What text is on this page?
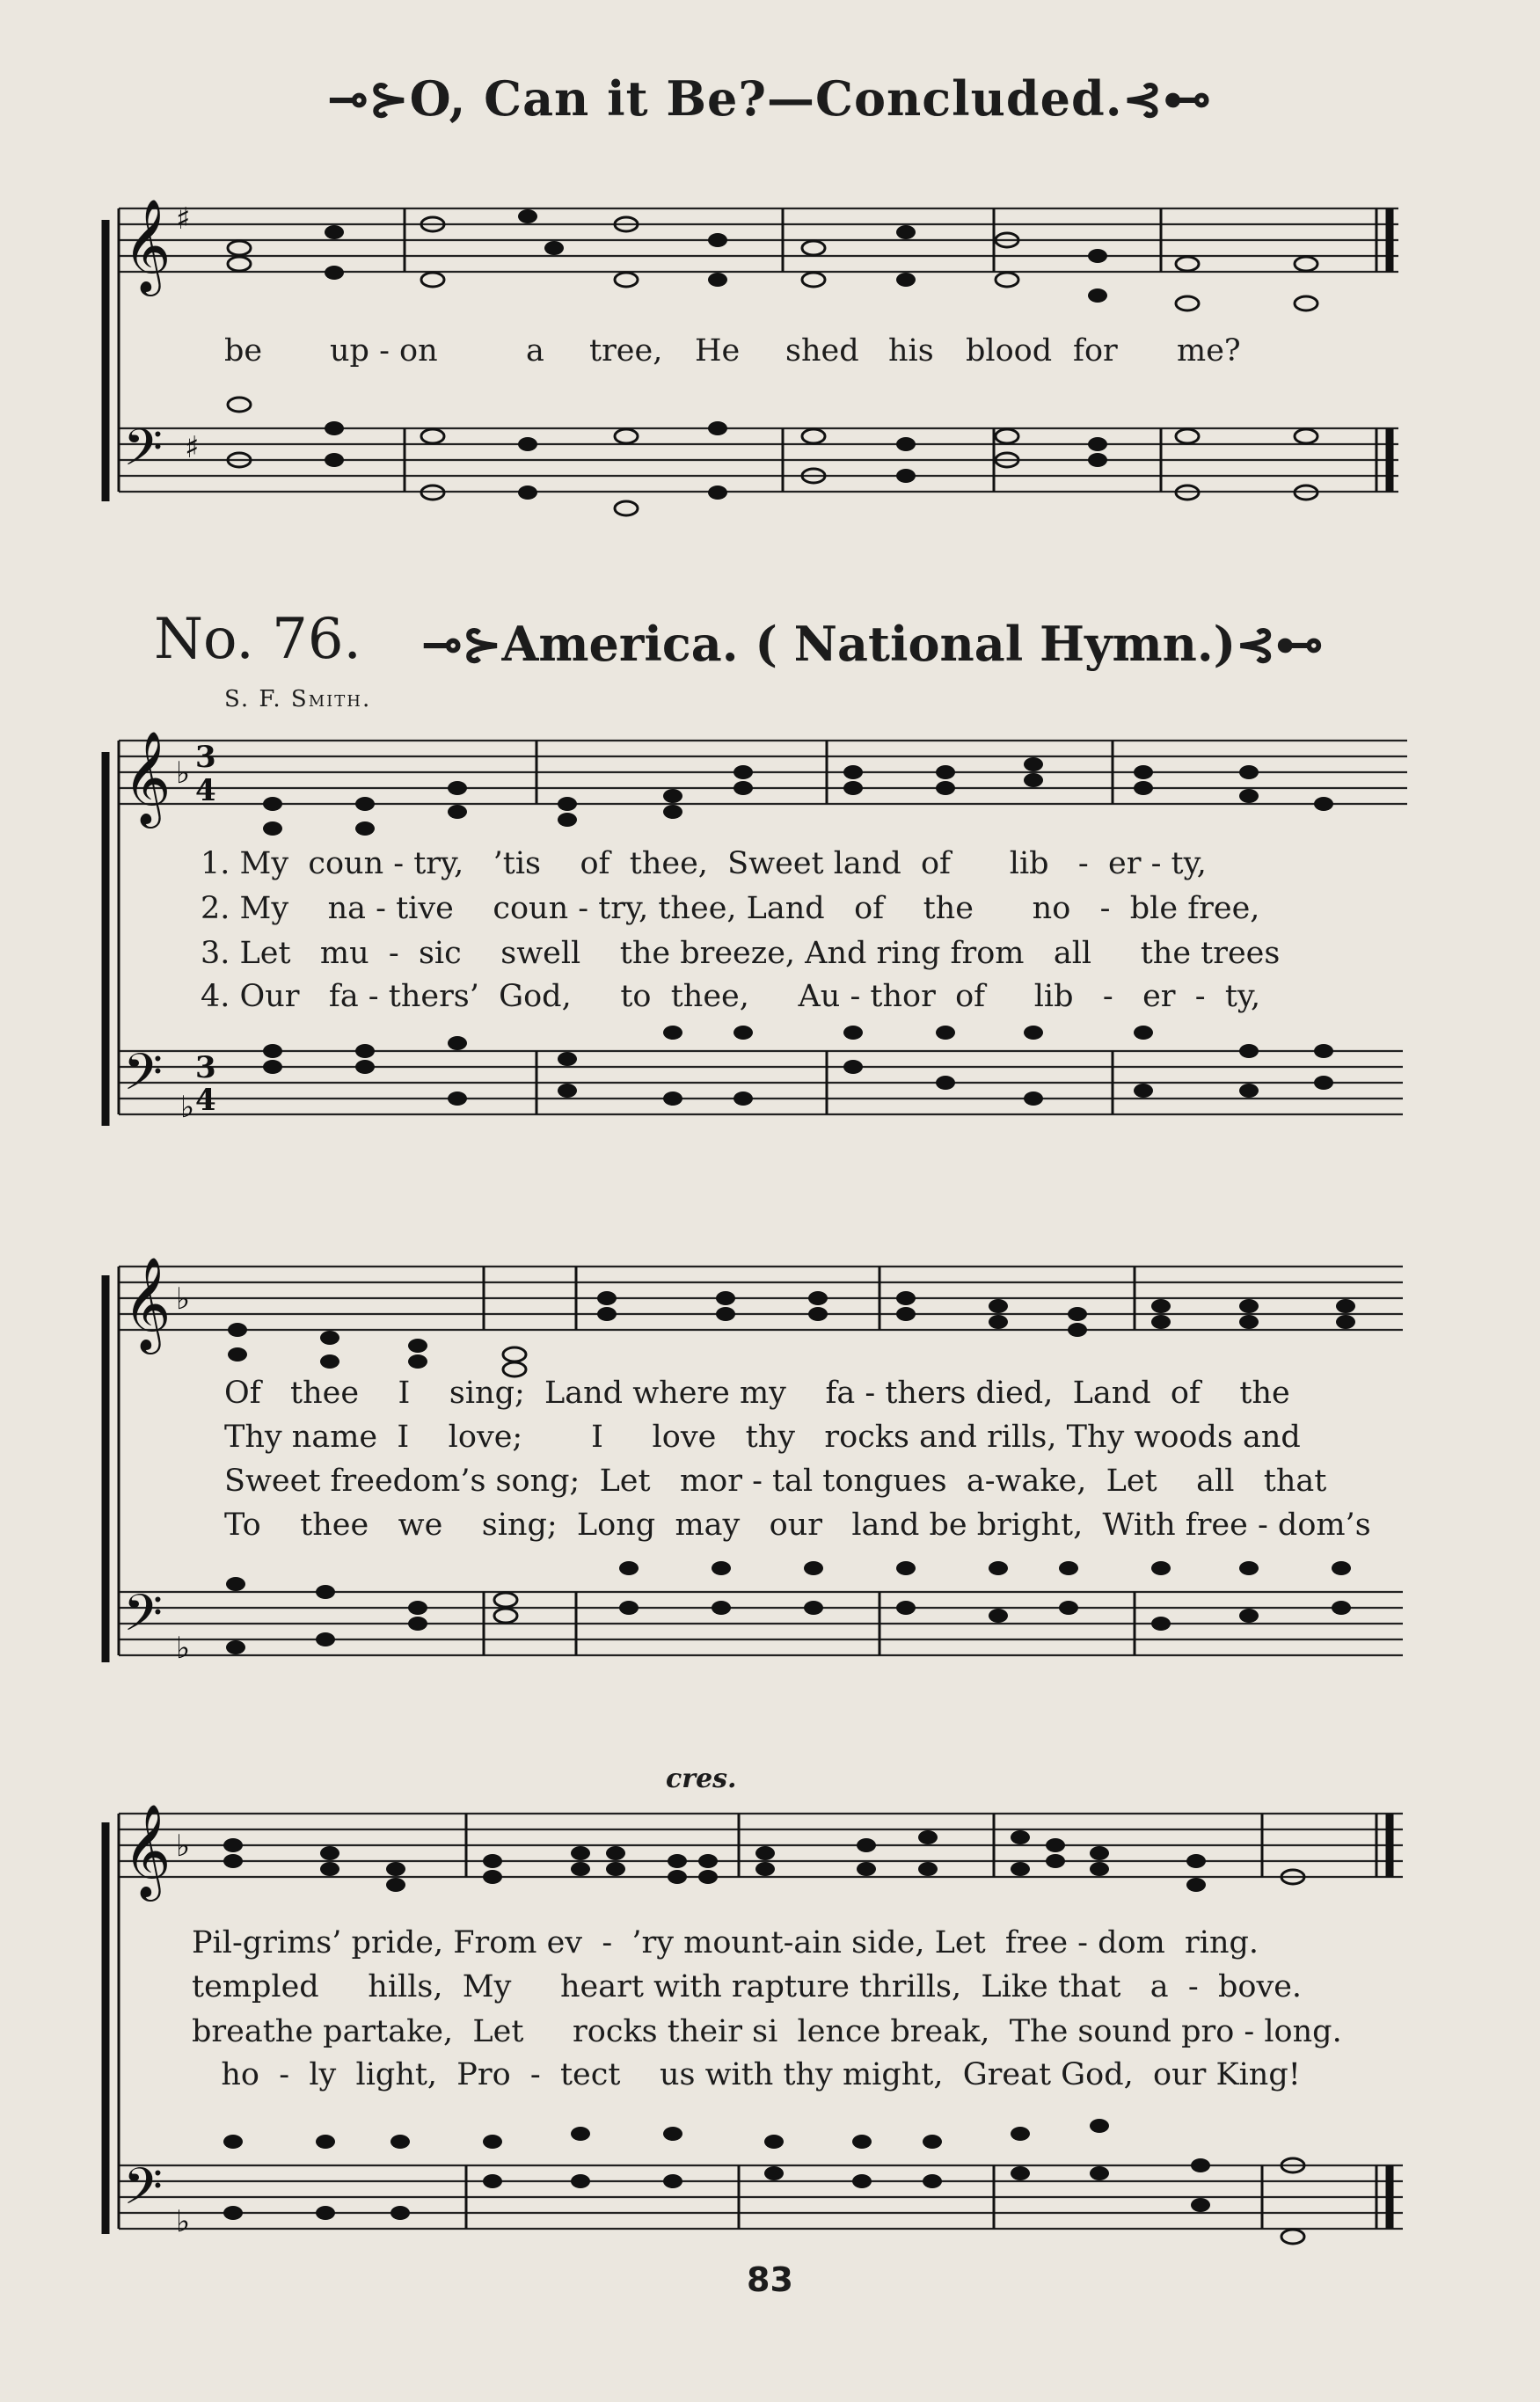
⊸⊱O, Can it Be?—Concluded.⊰⊷
𝄞
𝄢
♯
♯
𝄞
𝄢
♭
♭
3
4
3
4
𝄞
𝄢
♭
♭
𝄞
𝄢
♭
♭
be up - on	a tree, He shed his blood for me?
No. 76. ⊸⊱America. ( National Hymn.)⊰⊷
S. F. Smith.
1. My  coun - try,   ’tis    of  thee,  Sweet land  of      lib   -  er - ty,
2. My    na - tive    coun - try, thee, Land   of    the      no   -  ble free,
3. Let   mu  -  sic    swell    the breeze, And ring from   all     the trees
4. Our   fa - thers’  God,     to  thee,     Au - thor  of     lib   -   er  -  ty,
Of   thee    I    sing;  Land where my    fa - thers died,  Land  of    the
Thy name  I    love;       I     love   thy   rocks and rills, Thy woods and
Sweet freedom’s song;  Let   mor - tal tongues  a-wake,  Let    all   that
To    thee   we    sing;  Long  may   our   land be bright,  With free - dom’s
cres.
Pil-grims’ pride, From ev  -  ’ry mount-ain side, Let  free - dom  ring.
templed     hills,  My     heart with rapture thrills,  Like that   a  -  bove.
breathe partake,  Let     rocks their si  lence break,  The sound pro - long.
ho  -  ly  light,  Pro  -  tect    us with thy might,  Great God,  our King!
83
